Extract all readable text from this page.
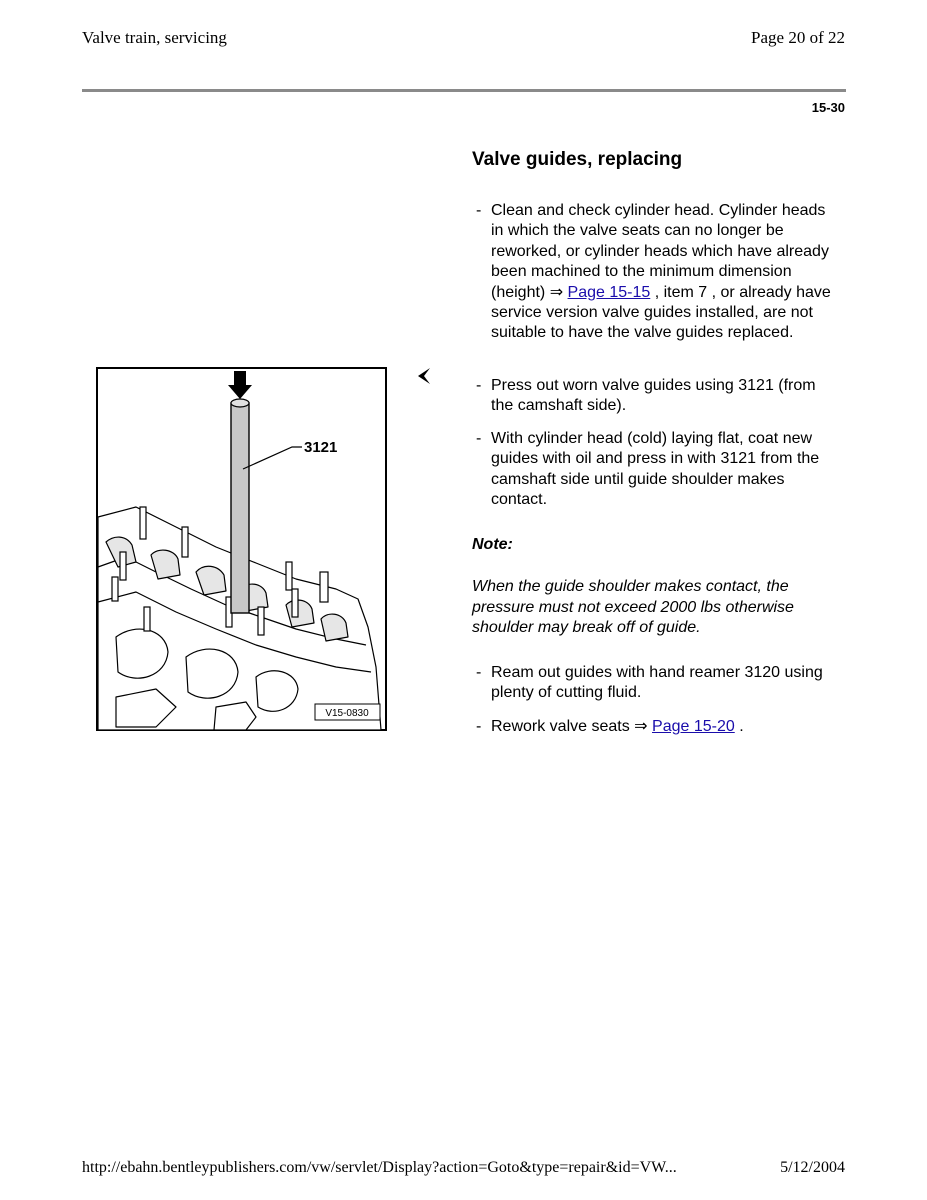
Valve train, servicing	Page 20 of 22
15-30
Valve guides, replacing
- Clean and check cylinder head. Cylinder heads
in which the valve seats can no longer be
reworked, or cylinder heads which have already
been machined to the minimum dimension
(height) ⇒ Page 15-15 , item 7 , or already have
service version valve guides installed, are not
suitable to have the valve guides replaced.
- Press out worn valve guides using 3121 (from
the camshaft side).
- With cylinder head (cold) laying flat, coat new
guides with oil and press in with 3121 from the
camshaft side until guide shoulder makes
contact.
Note:
When the guide shoulder makes contact, the
pressure must not exceed 2000 lbs otherwise
shoulder may break off of guide.
- Ream out guides with hand reamer 3120 using
plenty of cutting fluid.
- Rework valve seats ⇒ Page 15-20 .
3121
V15-0830
http://ebahn.bentleypublishers.com/vw/servlet/Display?action=Goto&type=repair&id=VW...	5/12/2004
